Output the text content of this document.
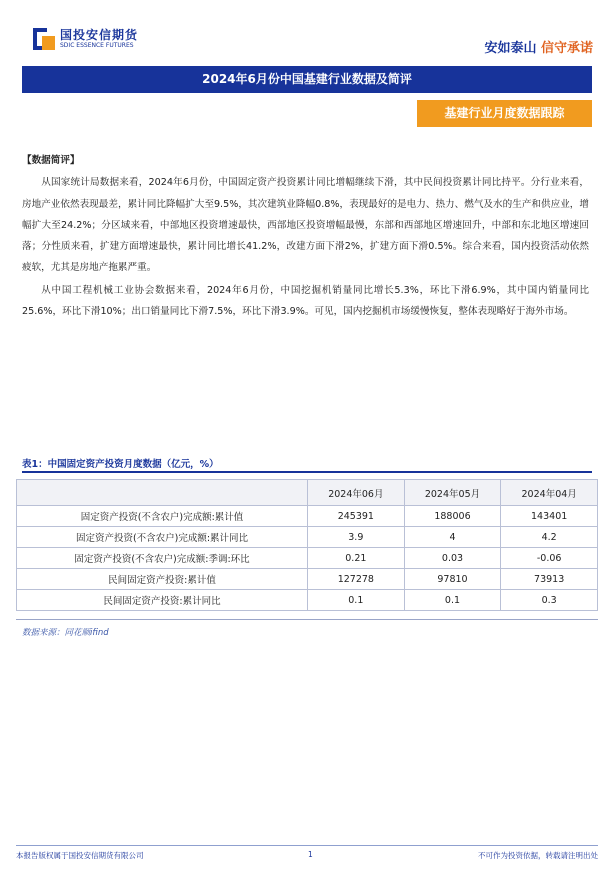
国投安信期货
SDIC ESSENCE FUTURES	安如泰山 信守承诺
2024年6月份中国基建行业数据及简评
基建行业月度数据跟踪
【数据简评】

从国家统计局数据来看，2024年6月份，中国固定资产投资累计同比增幅继续下滑，其中民间投资累计同比持平。分行业来看，房地产业依然表现最差，累计同比降幅扩大至9.5%，其次建筑业降幅0.8%，表现最好的是电力、热力、燃气及水的生产和供应业，增幅扩大至24.2%；分区域来看，中部地区投资增速最快，西部地区投资增幅最慢，东部和西部地区增速回升，中部和东北地区增速回落；分性质来看，扩建方面增速最快，累计同比增长41.2%，改建方面下滑2%，扩建方面下滑0.5%。综合来看，国内投资活动依然疲软，尤其是房地产拖累严重。

从中国工程机械工业协会数据来看，2024年6月份，中国挖掘机销量同比增长5.3%，环比下滑6.9%，其中国内销量同比25.6%，环比下滑10%；出口销量同比下滑7.5%，环比下滑3.9%。可见，国内挖掘机市场缓慢恢复，整体表现略好于海外市场。

表1：中国固定资产投资月度数据（亿元，%）
	2024年06月	2024年05月	2024年04月
固定资产投资(不含农户)完成额:累计值	245391	188006	143401
固定资产投资(不含农户)完成额:累计同比	3.9	4	4.2
固定资产投资(不含农户)完成额:季调:环比	0.21	0.03	-0.06
民间固定资产投资:累计值	127278	97810	73913
民间固定资产投资:累计同比	0.1	0.1	0.3
数据来源：同花顺ifind
本报告版权属于国投安信期货有限公司	1	不可作为投资依据，转载请注明出处
